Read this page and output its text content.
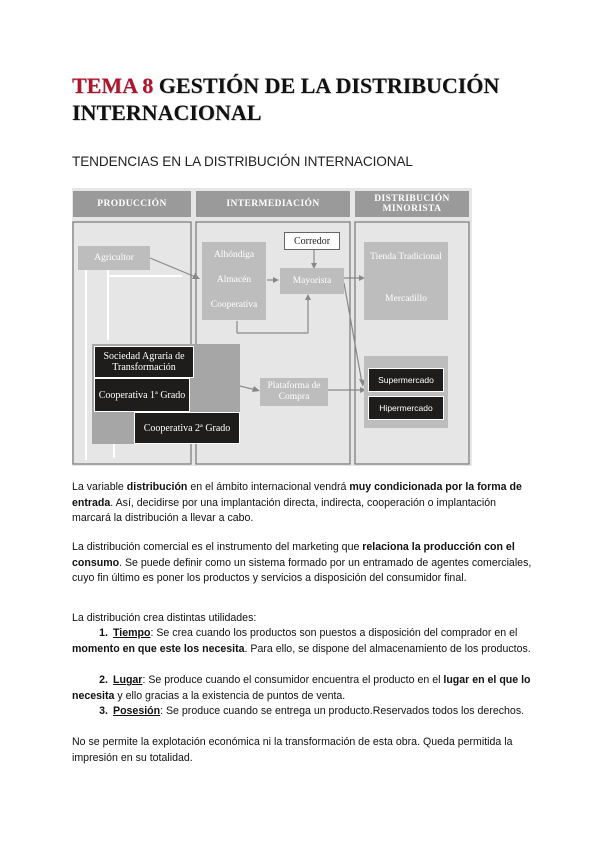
TEMA 8 GESTIÓN DE LA DISTRIBUCIÓN INTERNACIONAL
TENDENCIAS EN LA DISTRIBUCIÓN INTERNACIONAL
PRODUCCIÓN	INTERMEDIACIÓN	DISTRIBUCIÓN MINORISTA
Agricultor	Alhóndiga
Almacén
Cooperativa
Corredor
Mayorista
Tienda Tradicional
Mercadillo
Sociedad Agraria de Transformación
Cooperativa 1ª Grado
Cooperativa 2ª Grado
Plataforma de Compra
Supermercado
Hipermercado
La variable distribución en el ámbito internacional vendrá muy condicionada por la forma de entrada. Así, decidirse por una implantación directa, indirecta, cooperación o implantación marcará la distribución a llevar a cabo.
La distribución comercial es el instrumento del marketing que relaciona la producción con el consumo. Se puede definir como un sistema formado por un entramado de agentes comerciales, cuyo fin último es poner los productos y servicios a disposición del consumidor final.
La distribución crea distintas utilidades:
1. Tiempo: Se crea cuando los productos son puestos a disposición del comprador en el momento en que este los necesita. Para ello, se dispone del almacenamiento de los productos.
2. Lugar: Se produce cuando el consumidor encuentra el producto en el lugar en el que lo necesita y ello gracias a la existencia de puntos de venta.
3. Posesión: Se produce cuando se entrega un producto.Reservados todos los derechos.
No se permite la explotación económica ni la transformación de esta obra. Queda permitida la impresión en su totalidad.
